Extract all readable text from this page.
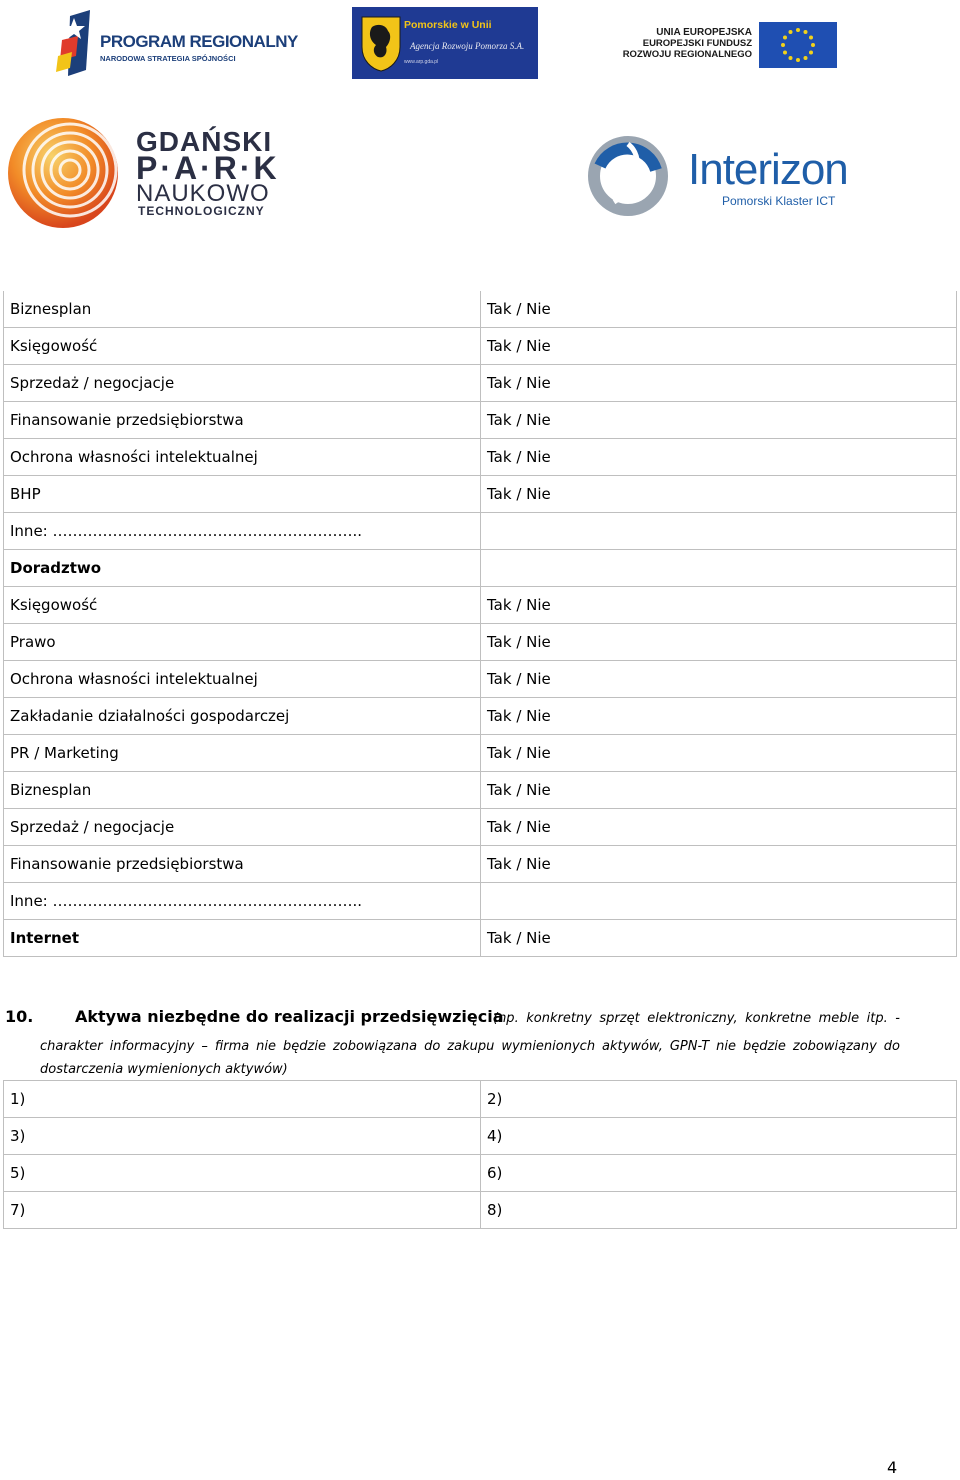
PROGRAM REGIONALNY
NARODOWA STRATEGIA SPÓJNOŚCI
Pomorskie w Unii
Agencja Rozwoju Pomorza S.A.
www.arp.gda.pl
UNIA EUROPEJSKA
EUROPEJSKI FUNDUSZ
ROZWOJU REGIONALNEGO
GDAŃSKI
P·A·R·K
NAUKOWO
TECHNOLOGICZNY
Interizon
Pomorski Klaster ICT
Biznesplan	Tak / Nie
Księgowość	Tak / Nie
Sprzedaż / negocjacje	Tak / Nie
Finansowanie przedsiębiorstwa	Tak / Nie
Ochrona własności intelektualnej	Tak / Nie
BHP	Tak / Nie
Inne: ……………………………………………………..	
Doradztwo	
Księgowość	Tak / Nie
Prawo	Tak / Nie
Ochrona własności intelektualnej	Tak / Nie
Zakładanie działalności gospodarczej	Tak / Nie
PR / Marketing	Tak / Nie
Biznesplan	Tak / Nie
Sprzedaż / negocjacje	Tak / Nie
Finansowanie przedsiębiorstwa	Tak / Nie
Inne: ……………………………………………………..	
Internet	Tak / Nie
10.	Aktywa niezbędne do realizacji przedsięwzięcia
(np. konkretny sprzęt elektroniczny, konkretne meble itp. -
charakter informacyjny – firma nie będzie zobowiązana do zakupu wymienionych aktywów, GPN-T nie będzie zobowiązany do dostarczenia wymienionych aktywów)
1)	2)
3)	4)
5)	6)
7)	8)
4
